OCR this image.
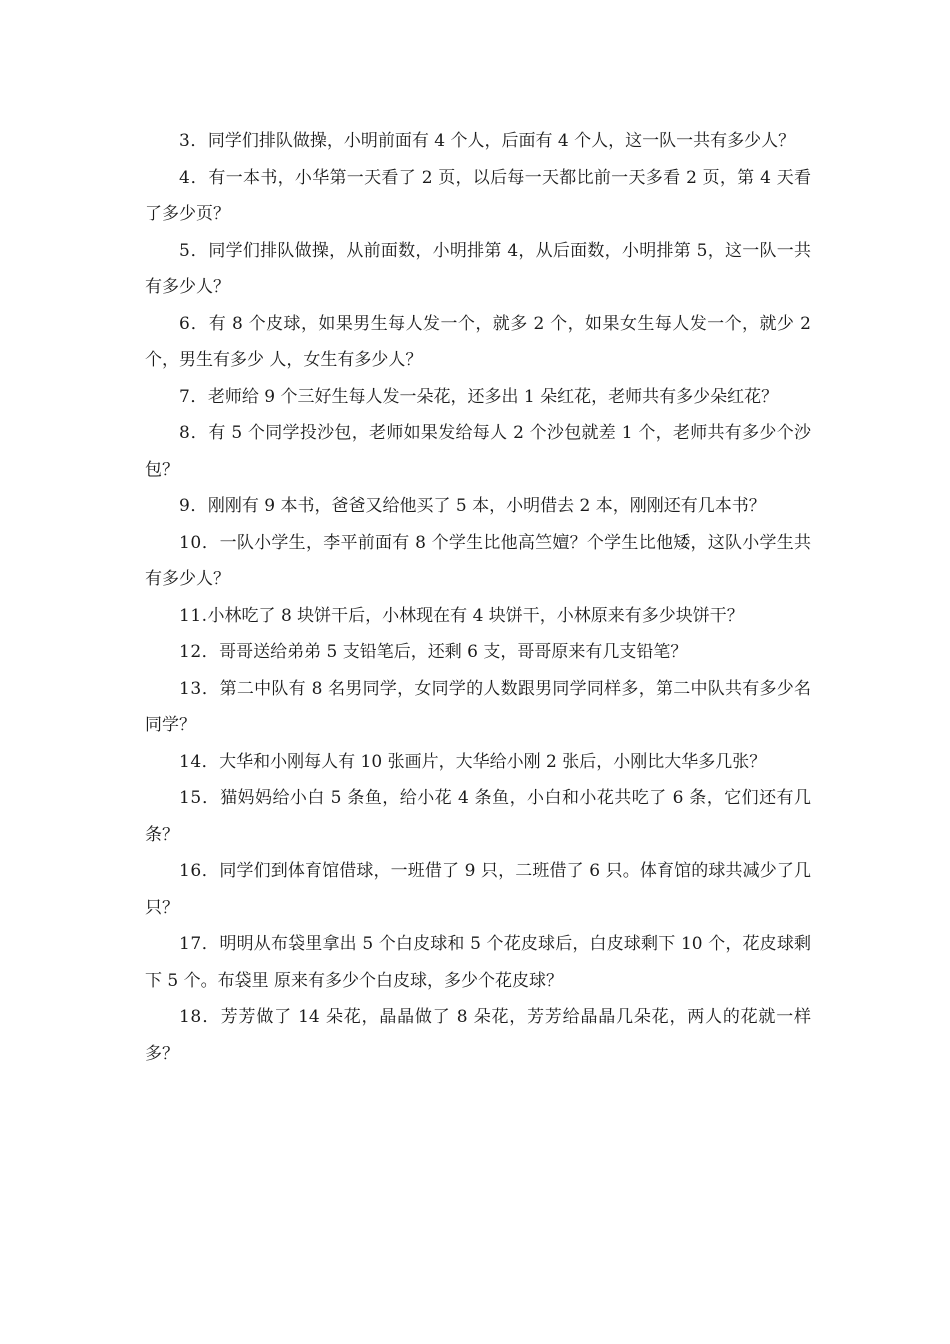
3．同学们排队做操，小明前面有 4 个人，后面有 4 个人，这一队一共有多少人？

4．有一本书，小华第一天看了 2 页，以后每一天都比前一天多看 2 页，第 4 天看了多少页？

5．同学们排队做操，从前面数，小明排第 4，从后面数，小明排第 5，这一队一共有多少人？

6．有 8 个皮球，如果男生每人发一个，就多 2 个，如果女生每人发一个，就少 2 个，男生有多少 人，女生有多少人？

7．老师给 9 个三好生每人发一朵花，还多出 1 朵红花，老师共有多少朵红花？

8．有 5 个同学投沙包，老师如果发给每人 2 个沙包就差 1 个，老师共有多少个沙包？

9．刚刚有 9 本书，爸爸又给他买了 5 本，小明借去 2 本，刚刚还有几本书？

10．一队小学生，李平前面有 8 个学生比他高竺嬗？个学生比他矮，这队小学生共有多少人？

11.小林吃了 8 块饼干后，小林现在有 4 块饼干，小林原来有多少块饼干？

12．哥哥送给弟弟 5 支铅笔后，还剩 6 支，哥哥原来有几支铅笔？

13．第二中队有 8 名男同学，女同学的人数跟男同学同样多，第二中队共有多少名同学？

14．大华和小刚每人有 10 张画片，大华给小刚 2 张后，小刚比大华多几张？

15．猫妈妈给小白 5 条鱼，给小花 4 条鱼，小白和小花共吃了 6 条，它们还有几条？

16．同学们到体育馆借球，一班借了 9 只，二班借了 6 只。体育馆的球共减少了几只？

17．明明从布袋里拿出 5 个白皮球和 5 个花皮球后，白皮球剩下 10 个，花皮球剩下 5 个。布袋里 原来有多少个白皮球，多少个花皮球？

18．芳芳做了 14 朵花，晶晶做了 8 朵花，芳芳给晶晶几朵花，两人的花就一样多？
